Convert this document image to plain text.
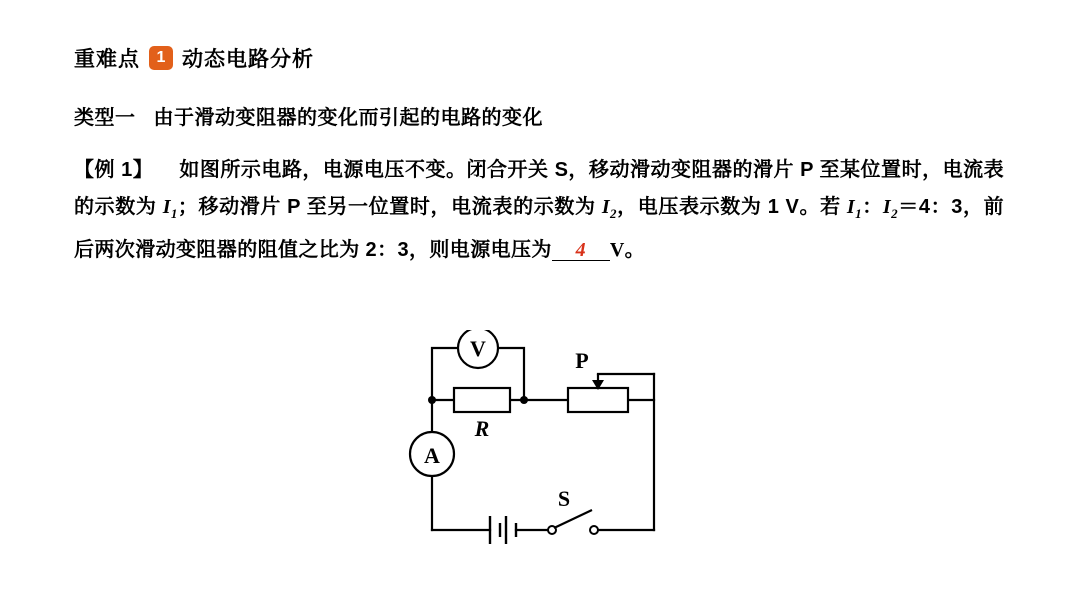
重难点	1 动态电路分析
类型一 由于滑动变阻器的变化而引起的电路的变化
【例 1】 如图所示电路，电源电压不变。闭合开关 S，移动滑动变阻器的滑片 P 至某位置时，电流表的示数为 $I_1$；移动滑片 P 至另一位置时，电流表的示数为 $I_2$，电压表示数为 1 V。若 $I_1$：$I_2=4$：3，前后两次滑动变阻器的阻值之比为 2：3，则电源电压为 4 V。
V
A
R
P
S
